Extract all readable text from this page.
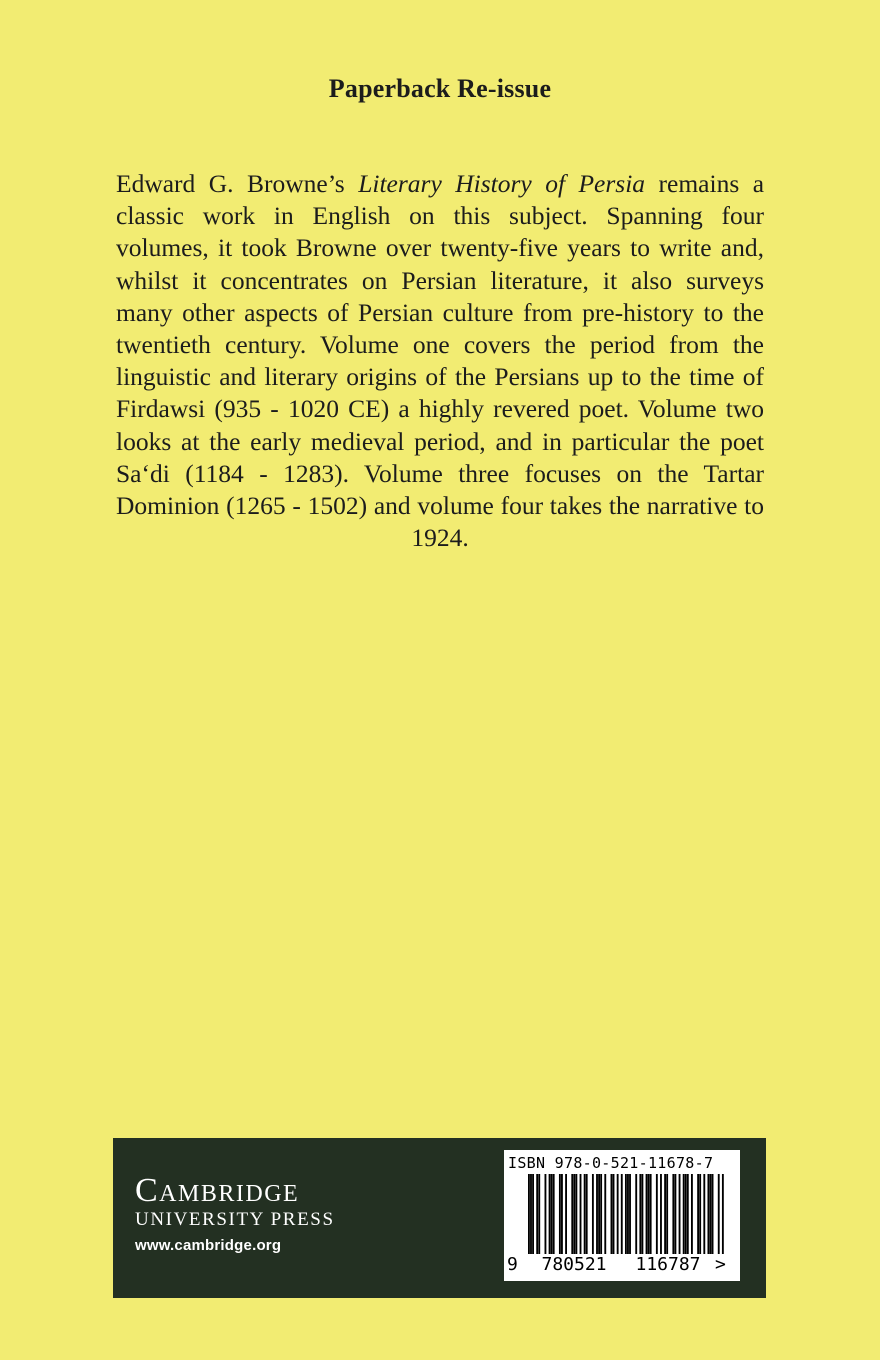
Paperback Re-issue

Edward G. Browne’s Literary History of Persia remains a classic work in English on this subject. Spanning four volumes, it took Browne over twenty-five years to write and, whilst it concentrates on Persian literature, it also surveys many other aspects of Persian culture from pre-history to the twentieth century. Volume one covers the period from the linguistic and literary origins of the Persians up to the time of Firdawsi (935 - 1020 CE) a highly revered poet. Volume two looks at the early medieval period, and in particular the poet Sa‘di (1184 - 1283). Volume three focuses on the Tartar Dominion (1265 - 1502) and volume four takes the narrative to 1924.

Cambridge
UNIVERSITY PRESS
www.cambridge.org
ISBN 978-0-521-11678-7
9 780521 116787 >
